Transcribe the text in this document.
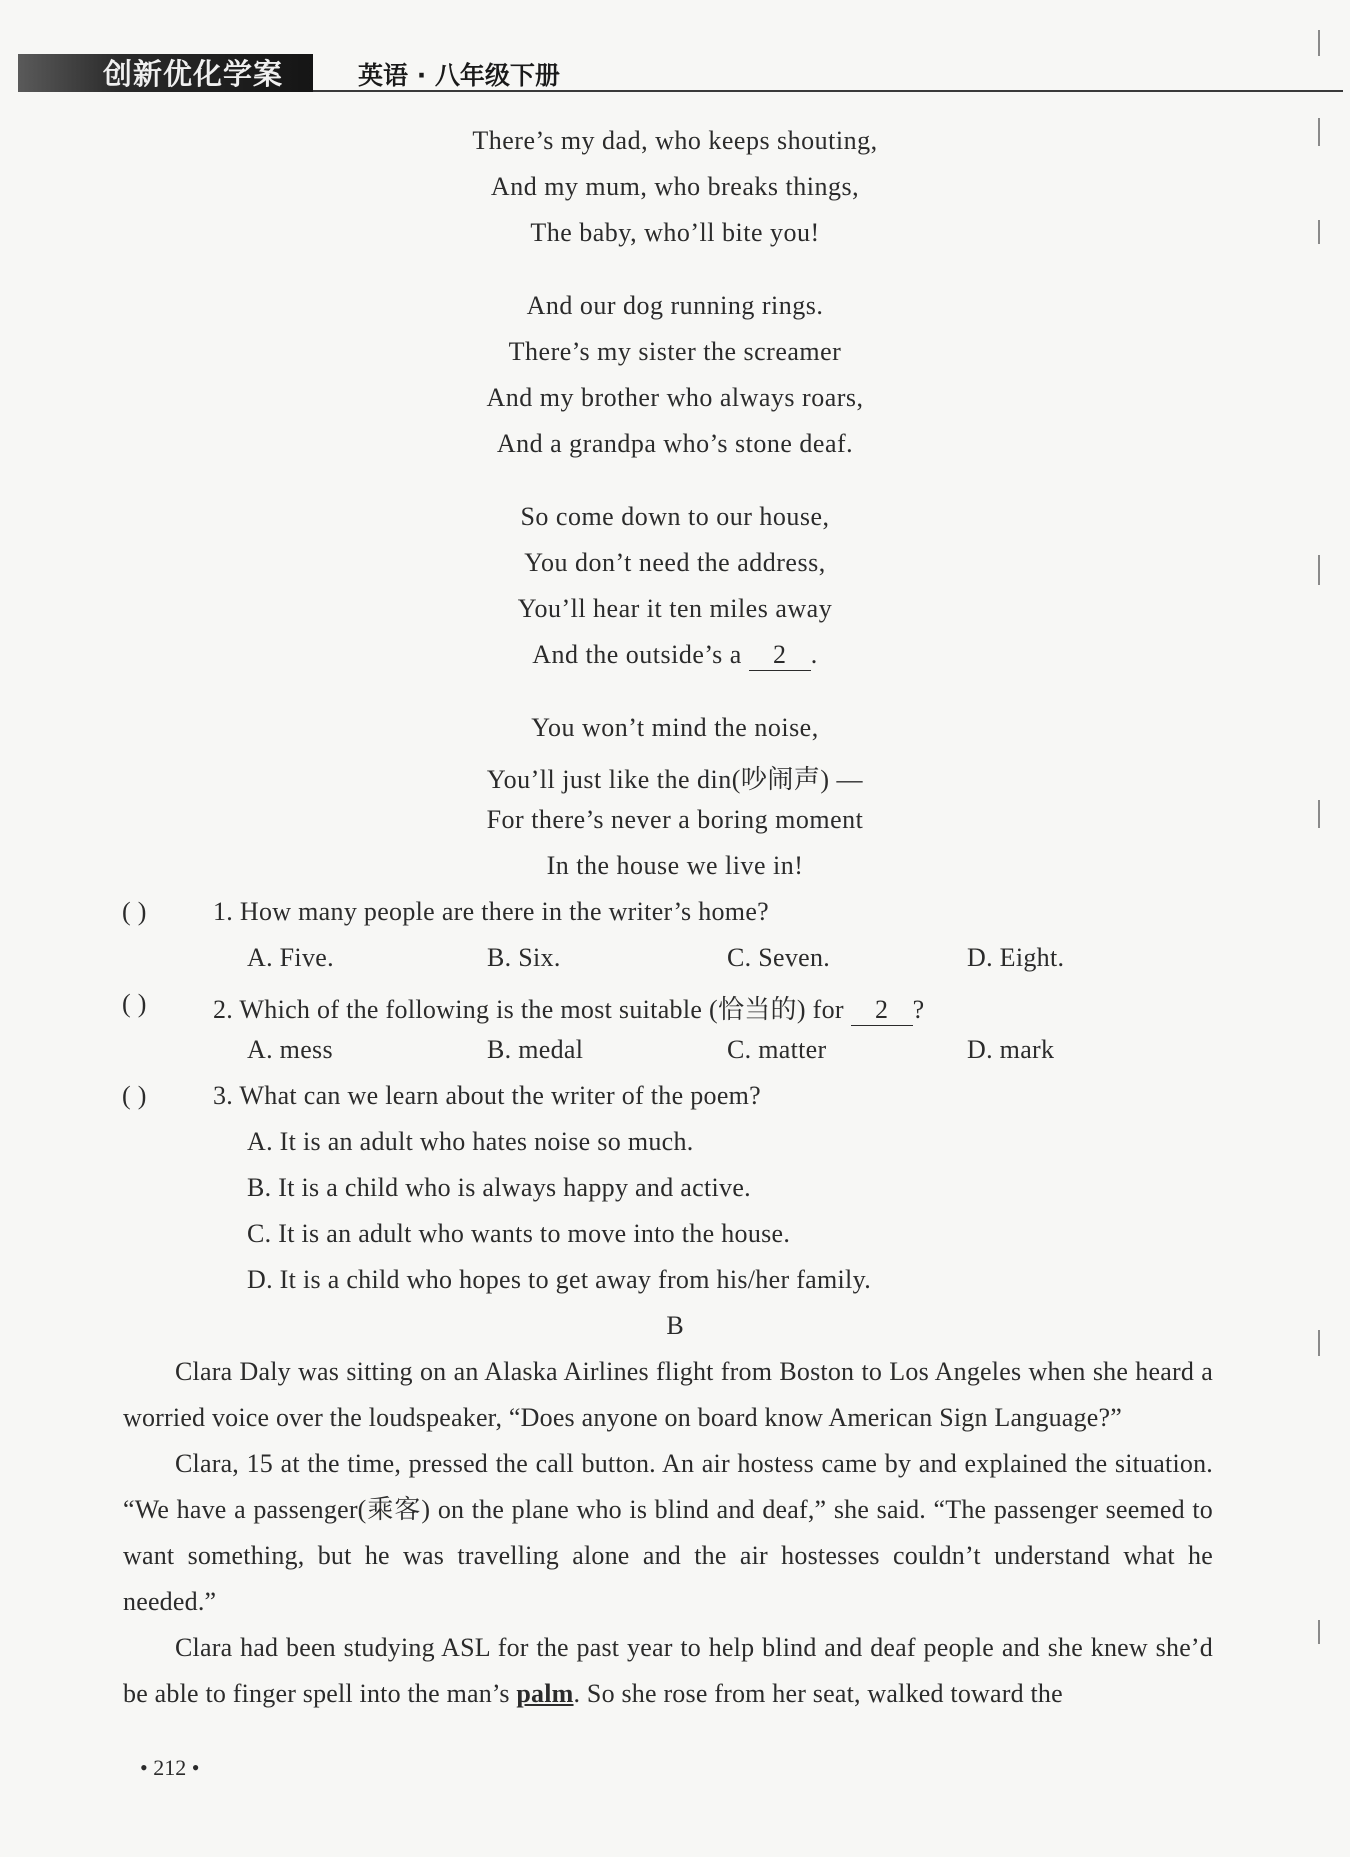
创新优化学案	英语 · 八年级下册
There’s my dad, who keeps shouting,
And my mum, who breaks things,
The baby, who’ll bite you!
And our dog running rings.
There’s my sister the screamer
And my brother who always roars,
And a grandpa who’s stone deaf.
So come down to our house,
You don’t need the address,
You’ll hear it ten miles away
And the outside’s a 2 .
You won’t mind the noise,
You’ll just like the din(吵闹声) —
For there’s never a boring moment
In the house we live in!
( )	1. How many people are there in the writer’s home?
A. Five.	B. Six.	C. Seven.	D. Eight.
( )	2. Which of the following is the most suitable (恰当的) for 2 ?
A. mess	B. medal	C. matter	D. mark
( )	3. What can we learn about the writer of the poem?
A. It is an adult who hates noise so much.
B. It is a child who is always happy and active.
C. It is an adult who wants to move into the house.
D. It is a child who hopes to get away from his/her family.
B

Clara Daly was sitting on an Alaska Airlines flight from Boston to Los Angeles when she heard a worried voice over the loudspeaker, “Does anyone on board know American Sign Language?”

Clara, 15 at the time, pressed the call button. An air hostess came by and explained the situation. “We have a passenger(乘客) on the plane who is blind and deaf,” she said. “The passenger seemed to want something, but he was travelling alone and the air hostesses couldn’t understand what he needed.”

Clara had been studying ASL for the past year to help blind and deaf people and she knew she’d be able to finger spell into the man’s palm. So she rose from her seat, walked toward the

• 212 •
